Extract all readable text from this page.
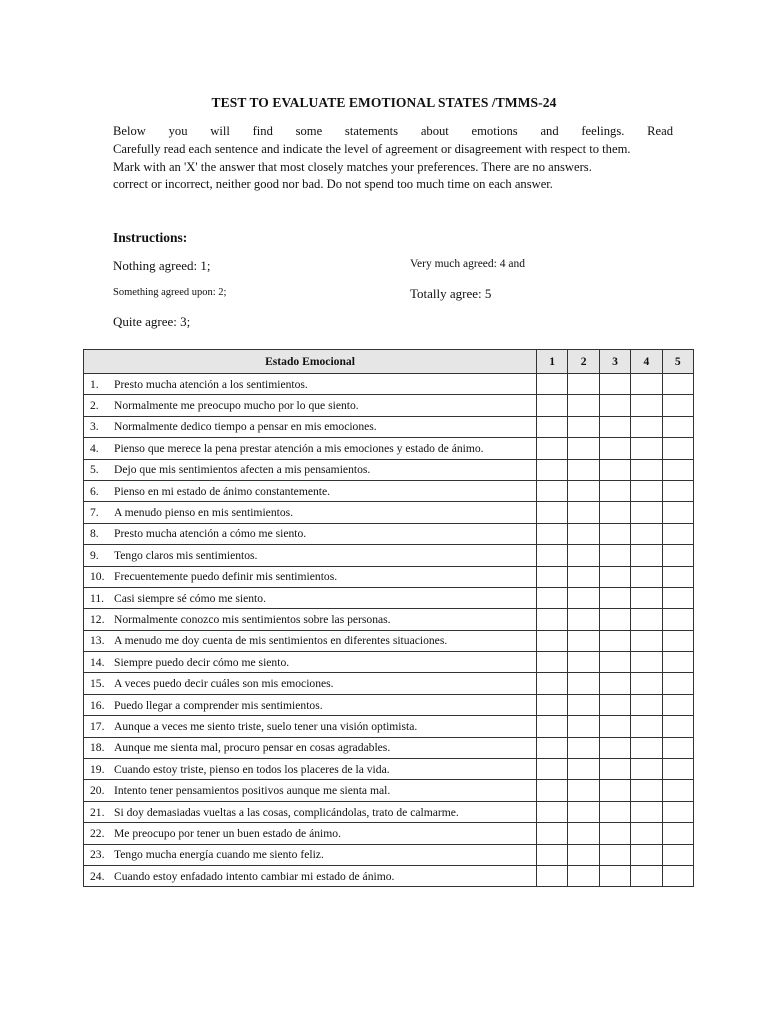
TEST TO EVALUATE EMOTIONAL STATES /TMMS-24
Below you will find some statements about emotions and feelings. Read
Carefully read each sentence and indicate the level of agreement or disagreement with respect to them.
Mark with an 'X' the answer that most closely matches your preferences. There are no answers.
correct or incorrect, neither good nor bad. Do not spend too much time on each answer.
Instructions:
Nothing agreed: 1;
Something agreed upon: 2;
Quite agree: 3;
Very much agreed: 4 and
Totally agree: 5
Estado Emocional	1	2	3	4	5
1. Presto mucha atención a los sentimientos.					
2. Normalmente me preocupo mucho por lo que siento.					
3. Normalmente dedico tiempo a pensar en mis emociones.					
4. Pienso que merece la pena prestar atención a mis emociones y estado de ánimo.					
5. Dejo que mis sentimientos afecten a mis pensamientos.					
6. Pienso en mi estado de ánimo constantemente.					
7. A menudo pienso en mis sentimientos.					
8. Presto mucha atención a cómo me siento.					
9. Tengo claros mis sentimientos.					
10. Frecuentemente puedo definir mis sentimientos.					
11. Casi siempre sé cómo me siento.					
12. Normalmente conozco mis sentimientos sobre las personas.					
13. A menudo me doy cuenta de mis sentimientos en diferentes situaciones.					
14. Siempre puedo decir cómo me siento.					
15. A veces puedo decir cuáles son mis emociones.					
16. Puedo llegar a comprender mis sentimientos.					
17. Aunque a veces me siento triste, suelo tener una visión optimista.					
18. Aunque me sienta mal, procuro pensar en cosas agradables.					
19. Cuando estoy triste, pienso en todos los placeres de la vida.					
20. Intento tener pensamientos positivos aunque me sienta mal.					
21. Si doy demasiadas vueltas a las cosas, complicándolas, trato de calmarme.					
22. Me preocupo por tener un buen estado de ánimo.					
23. Tengo mucha energía cuando me siento feliz.					
24. Cuando estoy enfadado intento cambiar mi estado de ánimo.					
